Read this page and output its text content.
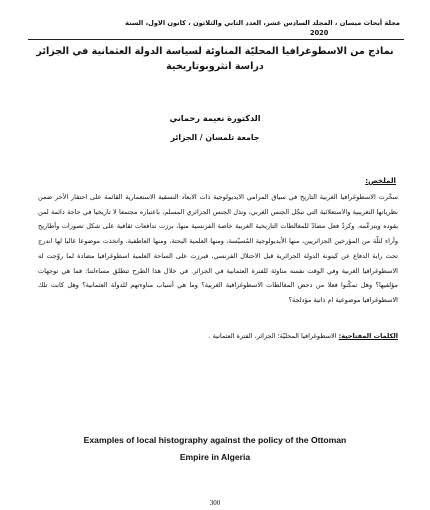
مجلة أبحاث ميسان ، المجلد السادس عشر، العدد الثاني والثلاثون ، كانون الاول، السنة
2020
نماذج من الاسطوغرافيا المحليّة المناوئة لسياسة الدولة العثمانية في الجزائر
دراسة انثروبوتاريخية
الدكتورة نعيمة رحماني
جامعة تلمسان / الجزائر
الملخص:
سخّرت الاسطوغرافيا الغربية التاريخ في سياق المرامي الايديولوجية ذات الابعاد النسقية الاستعمارية القائمة على احتقار الآخر ضمن نظرياتها التغريبية والاستعلائية التي تبجّل الجنس الغربي، وتذل الجنس الجزائري المسلم، باعتباره مجتمعا لا تاريخيا في حاجة دائمة لمن يقوده ويتزعّمه. وكردّ فعل مضادّ للمغالطات التاريخية الغربية خاصة الفرنسية منها، برزت تدافعات ثقافية على شكل تصورات وأطاريح وآراء لثلّة من المؤرخين الجزائريين، منها الأيديولوجية المُسيّسة، ومنها العلمية البحتة، ومنها العاطفية، واتخذت موضوعا غالبا لها اندرج تحت راية الدفاع عن كينونة الدولة الجزائرية قبل الاحتلال الفرنسي، فبرزت على الساحة العلمية اسطوغرافيا مضادة لما روّجت له الاسطوغرافيا الغربية وفي الوقت نفسه مناوئة للفترة العثمانية في الجزائر. في خلال هذا الطرح تتطلق مساءلتنا: فما هي توجهات مؤلفيها؟ وهل تمكّنوا فعلا من دحض المغالطات الاسطوغرافية الغربية؟ وما هي أسباب مناوءتهم للدولة العثمانية؟ وهل كانت تلك الاسطوغرافيا موضوعية ام ذاتية مؤدلجة؟
الكلمات المفتاحية: الاسطوغرافيا المحليّة؛ الجزائر، الفترة العثمانية .
Examples of local histography against the policy of the Ottoman
Empire in Algeria
300
